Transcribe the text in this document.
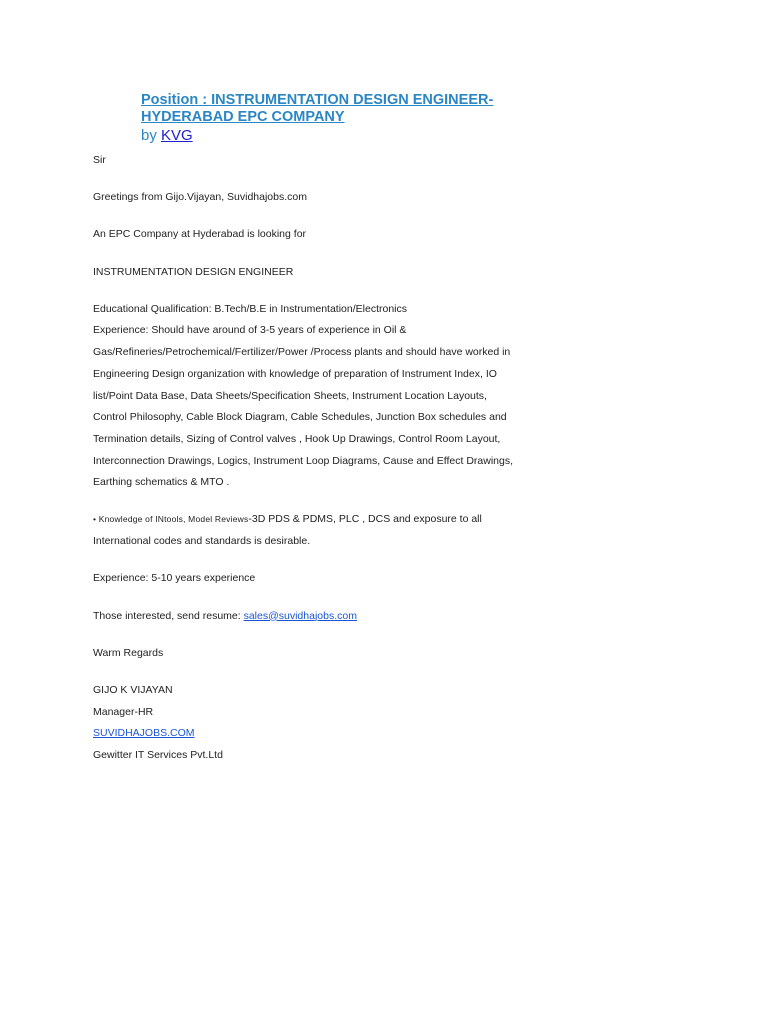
Position : INSTRUMENTATION DESIGN ENGINEER-
HYDERABAD EPC COMPANY
by KVG
Sir
Greetings from Gijo.Vijayan, Suvidhajobs.com
An EPC Company at Hyderabad is looking for
INSTRUMENTATION DESIGN ENGINEER
Educational Qualification: B.Tech/B.E in Instrumentation/Electronics
Experience: Should have around of 3-5 years of experience in Oil &
Gas/Refineries/Petrochemical/Fertilizer/Power /Process plants and should have worked in
Engineering Design organization with knowledge of preparation of Instrument Index, IO
list/Point Data Base, Data Sheets/Specification Sheets, Instrument Location Layouts,
Control Philosophy, Cable Block Diagram, Cable Schedules, Junction Box schedules and
Termination details, Sizing of Control valves , Hook Up Drawings, Control Room Layout,
Interconnection Drawings, Logics, Instrument Loop Diagrams, Cause and Effect Drawings,
Earthing schematics & MTO .
• Knowledge of INtools, Model Reviews-3D PDS & PDMS, PLC , DCS and exposure to all
International codes and standards is desirable.
Experience: 5-10 years experience
Those interested, send resume: sales@suvidhajobs.com
Warm Regards
GIJO K VIJAYAN
Manager-HR
SUVIDHAJOBS.COM
Gewitter IT Services Pvt.Ltd
